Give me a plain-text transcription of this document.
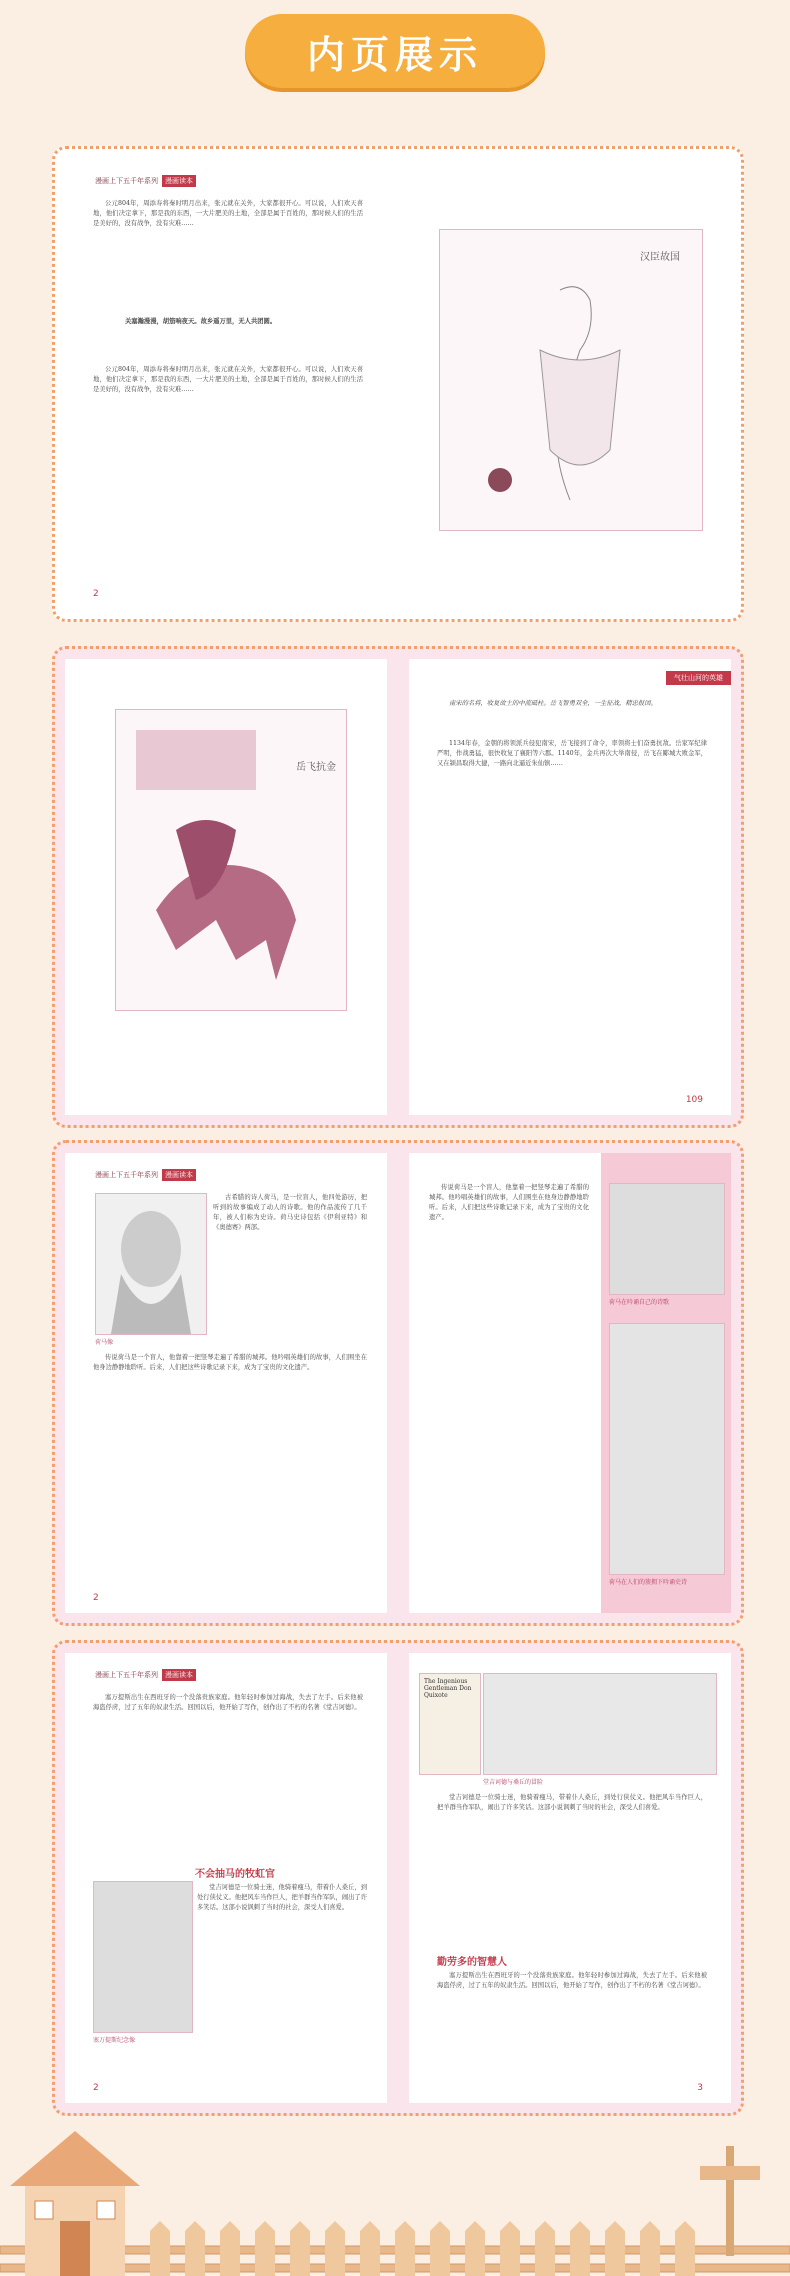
内页展示
漫画上下五千年系列 漫画读本
公元804年，周添寿将秦时明月出来，张元就在关外，大家都很开心。可以说，人们欢天喜地，他们决定拿下，那是我的东西，一大片肥美的土地，全部是属于百姓的，那时候人们的生活是美好的，没有战争，没有灾难……
关塞瀚漫漫，胡笳响夜天。故乡遥万里，无人共团圆。
公元804年，周添寿将秦时明月出来，张元就在关外，大家都很开心。可以说，人们欢天喜地，他们决定拿下，那是我的东西，一大片肥美的土地，全部是属于百姓的，那时候人们的生活是美好的，没有战争，没有灾难……
2
汉臣故国
岳飞抗金
气壮山河的英雄
南宋的名将，收复故土的中流砥柱。岳飞智勇双全，一生征战，精忠报国。
1134年春，金朝的将领派兵侵犯南宋，岳飞接到了命令，率领将士们奋勇抗敌。岳家军纪律严明，作战勇猛，很快收复了襄阳等六郡。1140年，金兵再次大举南侵，岳飞在郾城大败金军，又在颍昌取得大捷，一路向北逼近朱仙镇……
109
漫画上下五千年系列 漫画读本
荷马像
古希腊的诗人荷马，是一位盲人，他四处游历，把听到的故事编成了动人的诗歌。他的作品流传了几千年，被人们称为史诗。荷马史诗包括《伊利亚特》和《奥德赛》两部。
传说荷马是一个盲人，他靠着一把竖琴走遍了希腊的城邦。他吟唱英雄们的故事，人们围坐在他身边静静地聆听。后来，人们把这些诗歌记录下来，成为了宝贵的文化遗产。
2
传说荷马是一个盲人，他靠着一把竖琴走遍了希腊的城邦。他吟唱英雄们的故事，人们围坐在他身边静静地聆听。后来，人们把这些诗歌记录下来，成为了宝贵的文化遗产。
荷马在吟诵自己的诗歌
荷马在人们的簇拥下吟诵史诗
漫画上下五千年系列 漫画读本
塞万提斯出生在西班牙的一个没落贵族家庭。他年轻时参加过海战，失去了左手。后来他被海盗俘虏，过了五年的奴隶生活。回国以后，他开始了写作，创作出了不朽的名著《堂吉诃德》。
不会抽马的牧虹官
塞万提斯纪念像
堂吉诃德是一位骑士迷，他骑着瘦马，带着仆人桑丘，到处行侠仗义。他把风车当作巨人，把羊群当作军队，闹出了许多笑话。这部小说讽刺了当时的社会，深受人们喜爱。
2
The Ingenious Gentleman Don Quixote
堂吉诃德与桑丘的冒险
堂吉诃德是一位骑士迷，他骑着瘦马，带着仆人桑丘，到处行侠仗义。他把风车当作巨人，把羊群当作军队，闹出了许多笑话。这部小说讽刺了当时的社会，深受人们喜爱。
勤劳多的智慧人
塞万提斯出生在西班牙的一个没落贵族家庭。他年轻时参加过海战，失去了左手。后来他被海盗俘虏，过了五年的奴隶生活。回国以后，他开始了写作，创作出了不朽的名著《堂吉诃德》。
3
